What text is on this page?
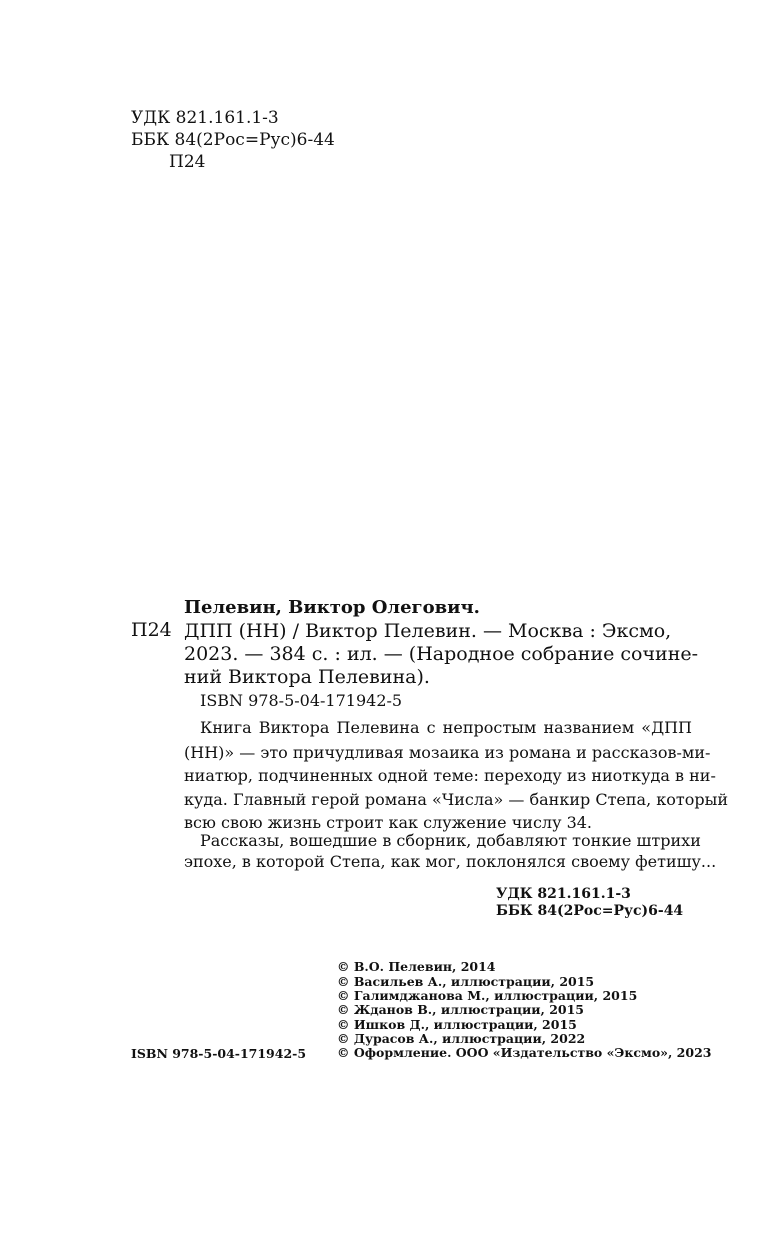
УДК 821.161.1-3
ББК 84(2Рос=Рус)6-44
П24
Пелевин, Виктор Олегович.
П24 ДПП (НН) / Виктор Пелевин. — Москва : Эксмо,
2023. — 384 с. : ил. — (Народное собрание сочине-
ний Виктора Пелевина).
ISBN 978-5-04-171942-5
Книга Виктора Пелевина с непростым названием «ДПП
(НН)» — это причудливая мозаика из романа и рассказов-ми-
ниатюр, подчиненных одной теме: переходу из ниоткуда в ни-
куда. Главный герой романа «Числа» — банкир Степа, который
всю свою жизнь строит как служение числу 34.
Рассказы, вошедшие в сборник, добавляют тонкие штрихи
эпохе, в которой Степа, как мог, поклонялся своему фетишу...
УДК 821.161.1-3
ББК 84(2Рос=Рус)6-44
© В.О. Пелевин, 2014
© Васильев А., иллюстрации, 2015
© Галимджанова М., иллюстрации, 2015
© Жданов В., иллюстрации, 2015
© Ишков Д., иллюстрации, 2015
© Дурасов А., иллюстрации, 2022
© Оформление. ООО «Издательство «Эксмо», 2023
ISBN 978-5-04-171942-5
